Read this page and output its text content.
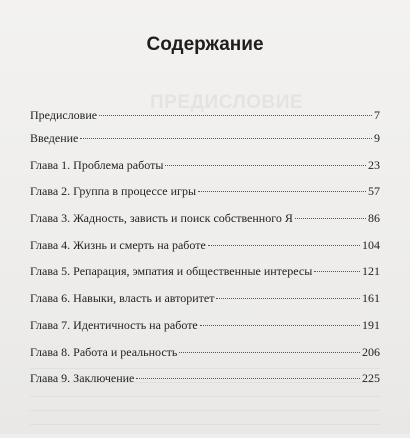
ПРЕДИСЛОВИЕ
Содержание
Предисловие	7
Введение	9
Глава 1. Проблема работы	23
Глава 2. Группа в процессе игры	57
Глава 3. Жадность, зависть и поиск собственного Я	86
Глава 4. Жизнь и смерть на работе	104
Глава 5. Репарация, эмпатия и общественные интересы	121
Глава 6. Навыки, власть и авторитет	161
Глава 7. Идентичность на работе	191
Глава 8. Работа и реальность	206
Глава 9. Заключение	225
